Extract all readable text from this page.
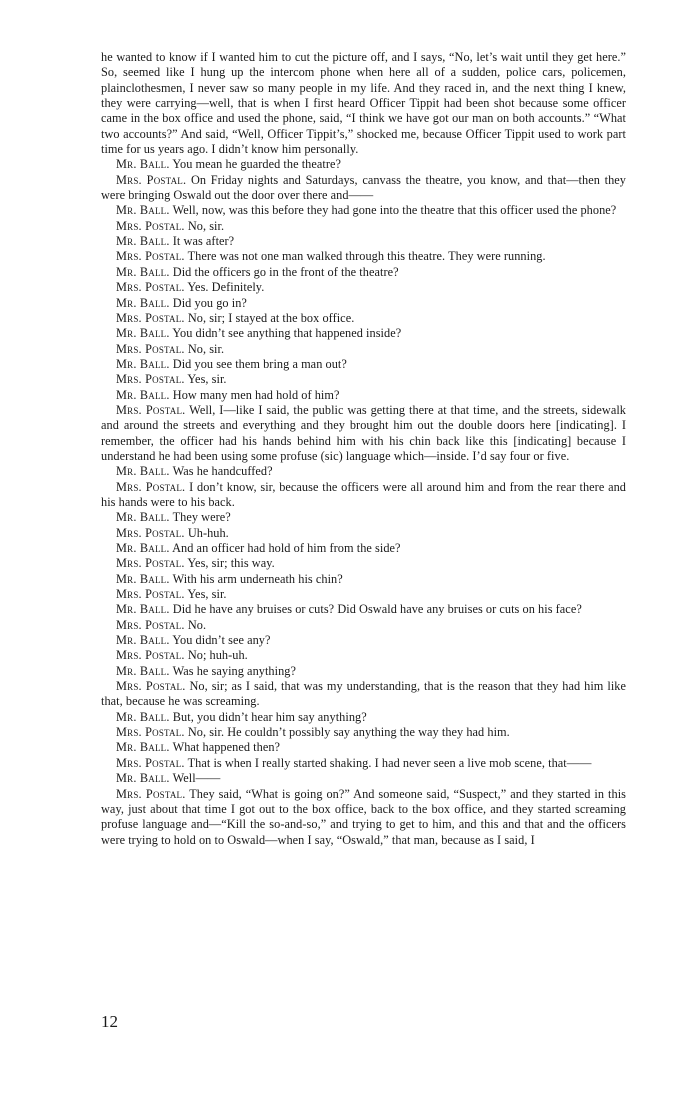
he wanted to know if I wanted him to cut the picture off, and I says, “No, let’s wait until they get here.” So, seemed like I hung up the intercom phone when here all of a sudden, police cars, policemen, plainclothesmen, I never saw so many people in my life. And they raced in, and the next thing I knew, they were carrying—well, that is when I first heard Officer Tippit had been shot because some officer came in the box office and used the phone, said, “I think we have got our man on both accounts.” “What two accounts?” And said, “Well, Officer Tippit’s,” shocked me, because Officer Tippit used to work part time for us years ago. I didn’t know him personally.

Mr. Ball. You mean he guarded the theatre?

Mrs. Postal. On Friday nights and Saturdays, canvass the theatre, you know, and that—then they were bringing Oswald out the door over there and——

Mr. Ball. Well, now, was this before they had gone into the theatre that this officer used the phone?

Mrs. Postal. No, sir.

Mr. Ball. It was after?

Mrs. Postal. There was not one man walked through this theatre. They were running.

Mr. Ball. Did the officers go in the front of the theatre?

Mrs. Postal. Yes. Definitely.

Mr. Ball. Did you go in?

Mrs. Postal. No, sir; I stayed at the box office.

Mr. Ball. You didn’t see anything that happened inside?

Mrs. Postal. No, sir.

Mr. Ball. Did you see them bring a man out?

Mrs. Postal. Yes, sir.

Mr. Ball. How many men had hold of him?

Mrs. Postal. Well, I—like I said, the public was getting there at that time, and the streets, sidewalk and around the streets and everything and they brought him out the double doors here [indicating]. I remember, the officer had his hands behind him with his chin back like this [indicating] because I understand he had been using some profuse (sic) language which—inside. I’d say four or five.

Mr. Ball. Was he handcuffed?

Mrs. Postal. I don’t know, sir, because the officers were all around him and from the rear there and his hands were to his back.

Mr. Ball. They were?

Mrs. Postal. Uh-huh.

Mr. Ball. And an officer had hold of him from the side?

Mrs. Postal. Yes, sir; this way.

Mr. Ball. With his arm underneath his chin?

Mrs. Postal. Yes, sir.

Mr. Ball. Did he have any bruises or cuts? Did Oswald have any bruises or cuts on his face?

Mrs. Postal. No.

Mr. Ball. You didn’t see any?

Mrs. Postal. No; huh-uh.

Mr. Ball. Was he saying anything?

Mrs. Postal. No, sir; as I said, that was my understanding, that is the reason that they had him like that, because he was screaming.

Mr. Ball. But, you didn’t hear him say anything?

Mrs. Postal. No, sir. He couldn’t possibly say anything the way they had him.

Mr. Ball. What happened then?

Mrs. Postal. That is when I really started shaking. I had never seen a live mob scene, that——

Mr. Ball. Well——

Mrs. Postal. They said, “What is going on?” And someone said, “Suspect,” and they started in this way, just about that time I got out to the box office, back to the box office, and they started screaming profuse language and—“Kill the so-and-so,” and trying to get to him, and this and that and the officers were trying to hold on to Oswald—when I say, “Oswald,” that man, because as I said, I

12
